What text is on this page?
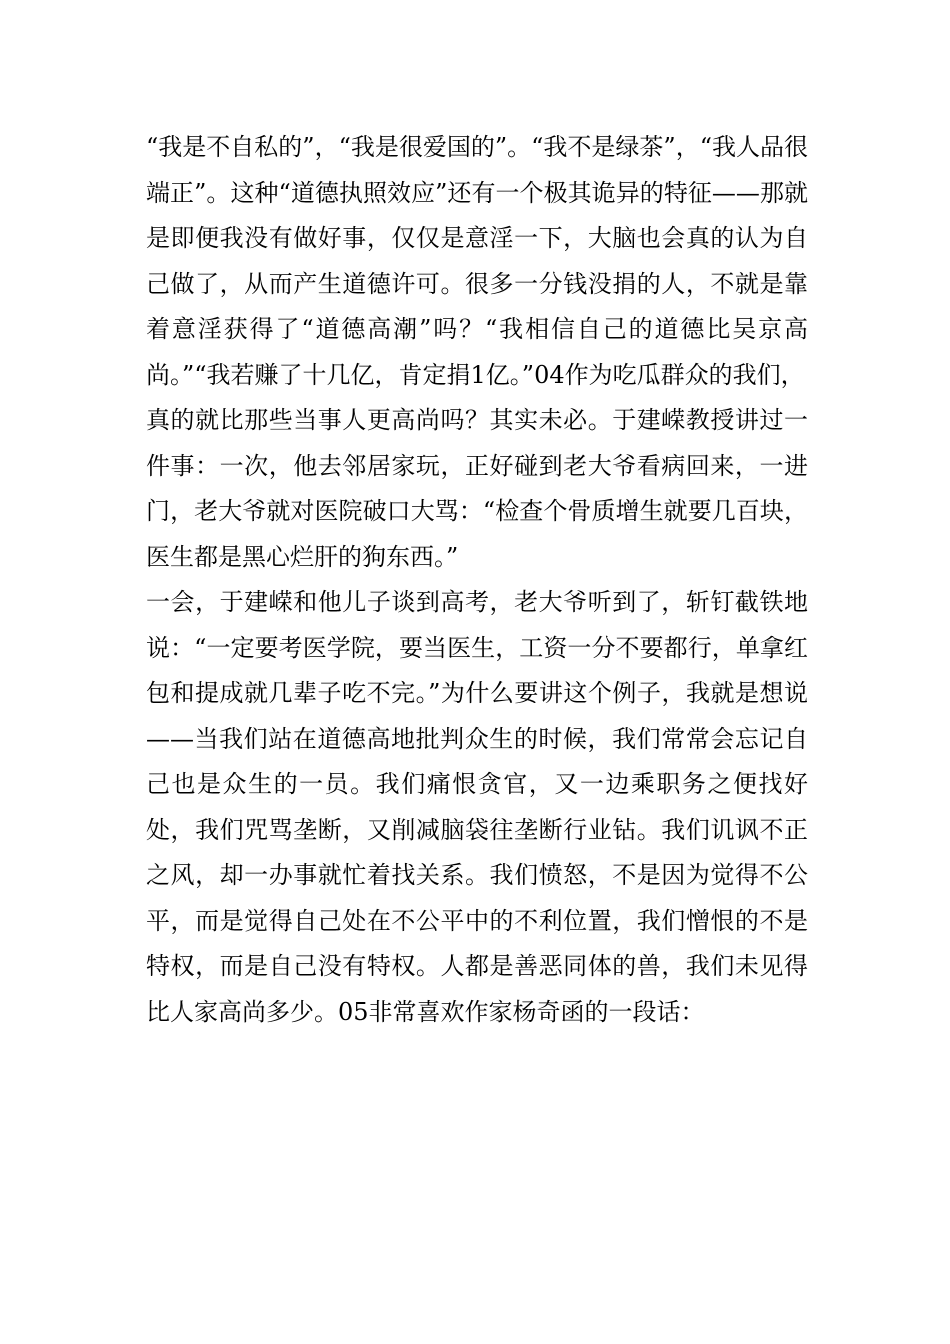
“我是不自私的”，“我是很爱国的”。“我不是绿茶”，“我人品很端正”。这种“道德执照效应”还有一个极其诡异的特征——那就是即便我没有做好事，仅仅是意淫一下，大脑也会真的认为自己做了，从而产生道德许可。很多一分钱没捐的人，不就是靠着意淫获得了“道德高潮”吗？“我相信自己的道德比吴京高尚。”“我若赚了十几亿，肯定捐1亿。”04作为吃瓜群众的我们，

真的就比那些当事人更高尚吗？其实未必。于建嵘教授讲过一件事：一次，他去邻居家玩，正好碰到老大爷看病回来，一进门，老大爷就对医院破口大骂：“检查个骨质增生就要几百块，医生都是黑心烂肝的狗东西。”

一会，于建嵘和他儿子谈到高考，老大爷听到了，斩钉截铁地说：“一定要考医学院，要当医生，工资一分不要都行，单拿红包和提成就几辈子吃不完。”为什么要讲这个例子，我就是想说——当我们站在道德高地批判众生的时候，我们常常会忘记自己也是众生的一员。我们痛恨贪官，又一边乘职务之便找好处，我们咒骂垄断，又削减脑袋往垄断行业钻。我们讥讽不正之风，却一办事就忙着找关系。我们愤怒，不是因为觉得不公平，而是觉得自己处在不公平中的不利位置，我们憎恨的不是特权，而是自己没有特权。人都是善恶同体的兽，我们未见得比人家高尚多少。05非常喜欢作家杨奇函的一段话：
